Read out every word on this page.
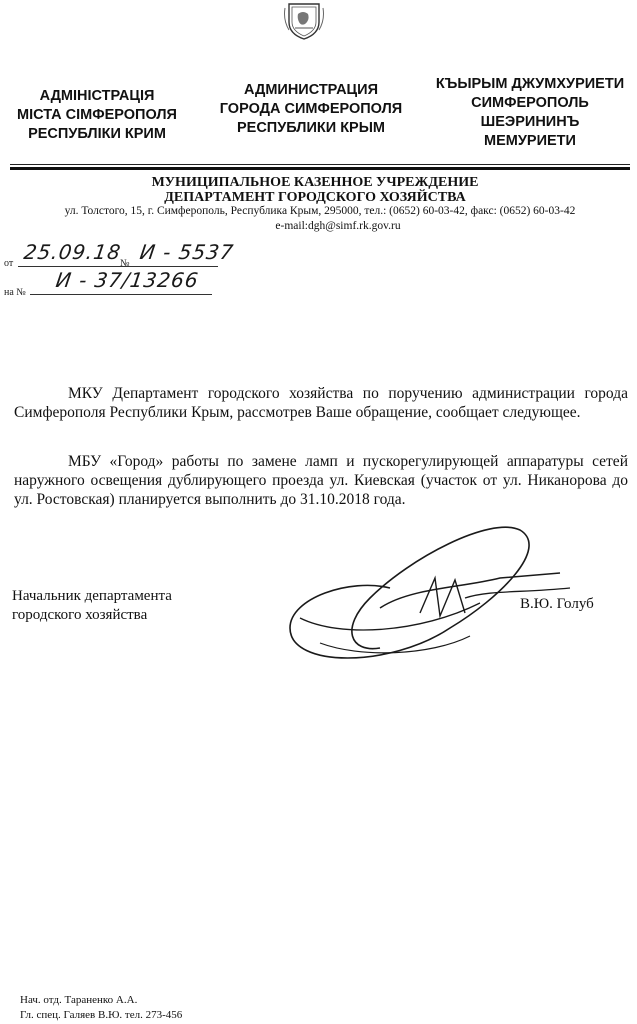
АДМІНІСТРАЦІЯ
МІСТА СІМФЕРОПОЛЯ
РЕСПУБЛІКИ КРИМ
АДМИНИСТРАЦИЯ
ГОРОДА СИМФЕРОПОЛЯ
РЕСПУБЛИКИ КРЫМ
КЪЫРЫМ ДЖУМХУРИЕТИ
СИМФЕРОПОЛЬ
ШЕЭРИНИНЪ
МЕМУРИЕТИ
МУНИЦИПАЛЬНОЕ КАЗЕННОЕ УЧРЕЖДЕНИЕ
ДЕПАРТАМЕНТ ГОРОДСКОГО ХОЗЯЙСТВА
ул. Толстого, 15, г. Симферополь, Республика Крым, 295000, тел.: (0652) 60-03-42, факс: (0652) 60-03-42
e-mail:dgh@simf.rk.gov.ru
от 25.09.18
№ И - 5537
на №
И - 37/13266
МКУ Департамент городского хозяйства по поручению администрации города Симферополя Республики Крым, рассмотрев Ваше обращение, сообщает следующее.
МБУ «Город» работы по замене ламп и пускорегулирующей аппаратуры сетей наружного освещения дублирующего проезда ул. Киевская (участок от ул. Никанорова до ул. Ростовская) планируется выполнить до 31.10.2018 года.
Начальник департамента
городского хозяйства
В.Ю. Голуб
Нач. отд. Тараненко А.А.
Гл. спец. Галяев В.Ю. тел. 273-456
